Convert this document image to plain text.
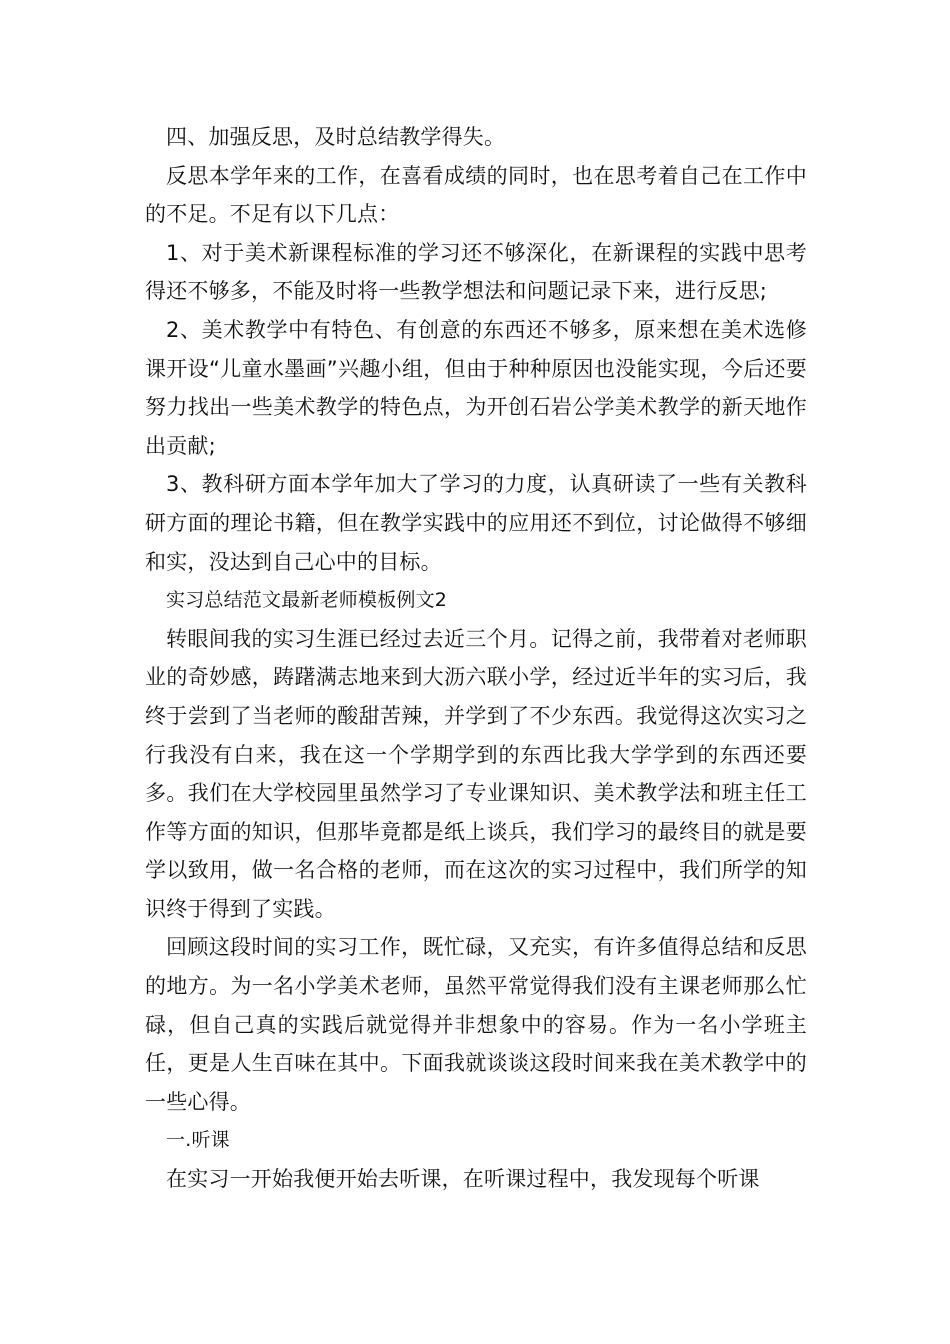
四、加强反思，及时总结教学得失。

反思本学年来的工作，在喜看成绩的同时，也在思考着自己在工作中的不足。不足有以下几点：

1、对于美术新课程标准的学习还不够深化，在新课程的实践中思考得还不够多，不能及时将一些教学想法和问题记录下来，进行反思;

2、美术教学中有特色、有创意的东西还不够多，原来想在美术选修课开设“儿童水墨画”兴趣小组，但由于种种原因也没能实现，今后还要努力找出一些美术教学的特色点，为开创石岩公学美术教学的新天地作出贡献;

3、教科研方面本学年加大了学习的力度，认真研读了一些有关教科研方面的理论书籍，但在教学实践中的应用还不到位，讨论做得不够细和实，没达到自己心中的目标。

实习总结范文最新老师模板例文2

转眼间我的实习生涯已经过去近三个月。记得之前，我带着对老师职业的奇妙感，踌躇满志地来到大沥六联小学，经过近半年的实习后，我终于尝到了当老师的酸甜苦辣，并学到了不少东西。我觉得这次实习之行我没有白来，我在这一个学期学到的东西比我大学学到的东西还要多。我们在大学校园里虽然学习了专业课知识、美术教学法和班主任工作等方面的知识，但那毕竟都是纸上谈兵，我们学习的最终目的就是要学以致用，做一名合格的老师，而在这次的实习过程中，我们所学的知识终于得到了实践。

回顾这段时间的实习工作，既忙碌，又充实，有许多值得总结和反思的地方。为一名小学美术老师，虽然平常觉得我们没有主课老师那么忙碌，但自己真的实践后就觉得并非想象中的容易。作为一名小学班主任，更是人生百味在其中。下面我就谈谈这段时间来我在美术教学中的一些心得。

一.听课

在实习一开始我便开始去听课，在听课过程中，我发现每个听课
